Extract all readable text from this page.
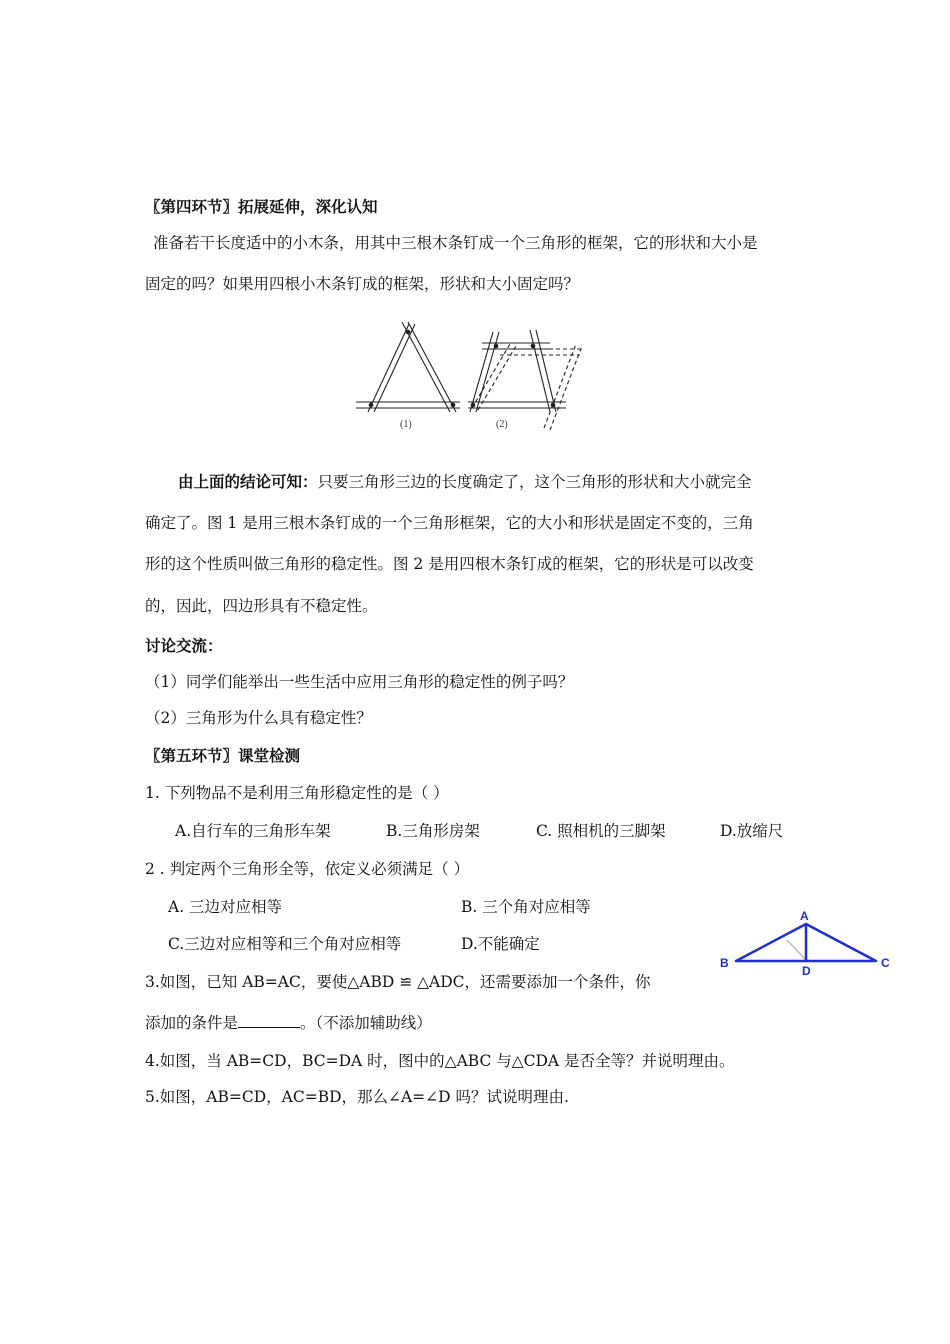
〖第四环节〗拓展延伸，深化认知
准备若干长度适中的小木条，用其中三根木条钉成一个三角形的框架，它的形状和大小是
固定的吗？如果用四根小木条钉成的框架，形状和大小固定吗？
(1)	(2)
由上面的结论可知：只要三角形三边的长度确定了，这个三角形的形状和大小就完全
确定了。图 1 是用三根木条钉成的一个三角形框架，它的大小和形状是固定不变的，三角
形的这个性质叫做三角形的稳定性。图 2 是用四根木条钉成的框架，它的形状是可以改变
的，因此，四边形具有不稳定性。
讨论交流：
（1）同学们能举出一些生活中应用三角形的稳定性的例子吗？
（2）三角形为什么具有稳定性？
〖第五环节〗课堂检测
1. 下列物品不是利用三角形稳定性的是（ ）
A.自行车的三角形车架	B.三角形房架	C. 照相机的三脚架	D.放缩尺
2 . 判定两个三角形全等，依定义必须满足（ ）
A. 三边对应相等	B. 三个角对应相等
C.三边对应相等和三个角对应相等	D.不能确定
A
B	C
D
3.如图，已知 AB=AC，要使△ABD ≌ △ADC，还需要添加一个条件，你
添加的条件是	。（不添加辅助线）
4.如图，当 AB=CD，BC=DA 时，图中的△ABC 与△CDA 是否全等？并说明理由。
5.如图，AB=CD，AC=BD，那么∠A=∠D 吗？试说明理由.
